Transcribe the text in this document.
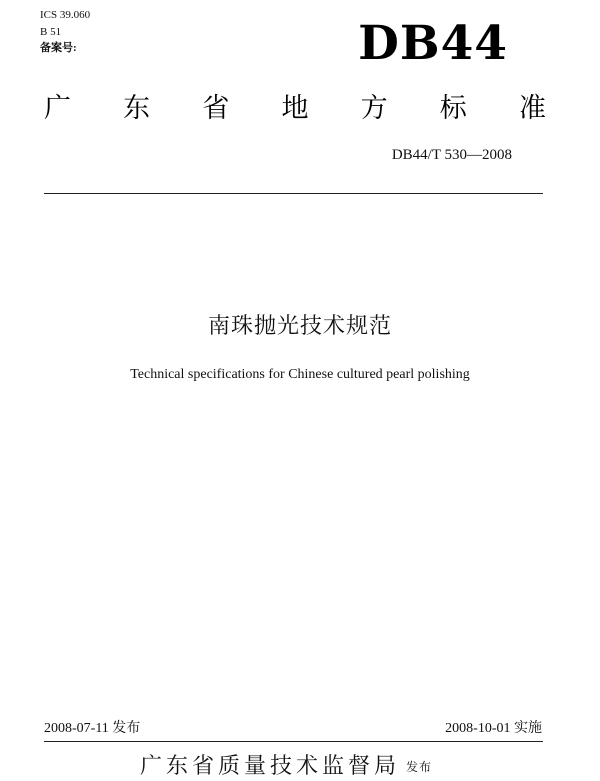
ICS 39.060
B 51
备案号:	DB44
广 东 省 地 方 标 准
DB44/T 530—2008
南珠抛光技术规范
Technical specifications for Chinese cultured pearl polishing
2008-07-11 发布	2008-10-01 实施
广东省质量技术监督局 发布
